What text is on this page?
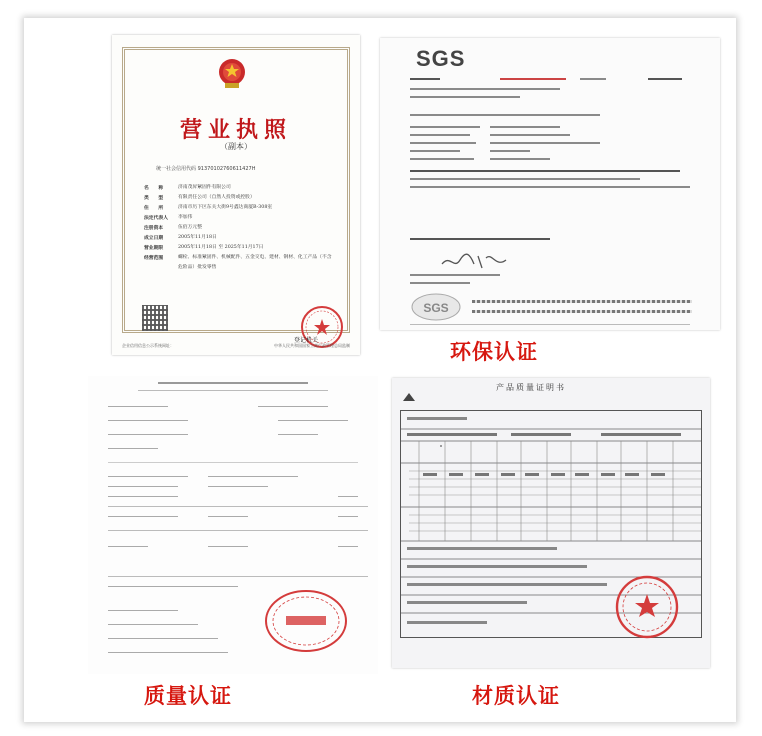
营业执照
（副本）
统一社会信用代码 91370102760611427H
名　　称	济南茂昇紧固件有限公司
类　　型	有限责任公司（自然人投资或控股）
住　　所	济南市历下区东关大街9号鑫达商厦B-308室
法定代表人	李加伟
注册资本	伍佰万元整
成立日期	2005年11月18日
营业期限	2005年11月18日 至 2025年11月17日
经营范围	螺栓、标准紧固件、机械配件、五金交电、建材、钢材、化工产品（不含危险品）批发零售
登记机关
企业信用信息公示系统网址：	中华人民共和国国家工商行政管理总局监制
SGS
SGS
环保认证
质量认证
产品质量证明书
材质认证
